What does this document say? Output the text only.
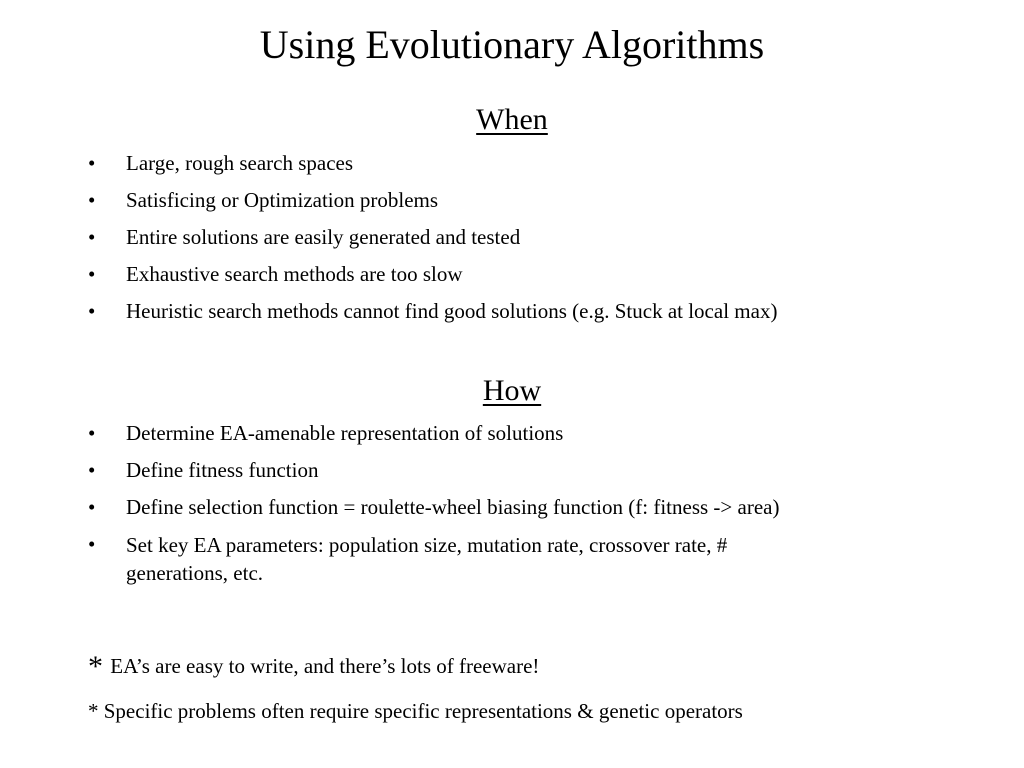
Using Evolutionary Algorithms
When
• Large, rough search spaces
• Satisficing or Optimization problems
• Entire solutions are easily generated and tested
• Exhaustive search methods are too slow
• Heuristic search methods cannot find good solutions (e.g. Stuck at local max)
How
• Determine EA-amenable representation of solutions
• Define fitness function
• Define selection function = roulette-wheel biasing function (f: fitness -> area)
• Set key EA parameters: population size, mutation rate, crossover rate, #
generations, etc.

* EA’s are easy to write, and there’s lots of freeware!

* Specific problems often require specific representations & genetic operators
